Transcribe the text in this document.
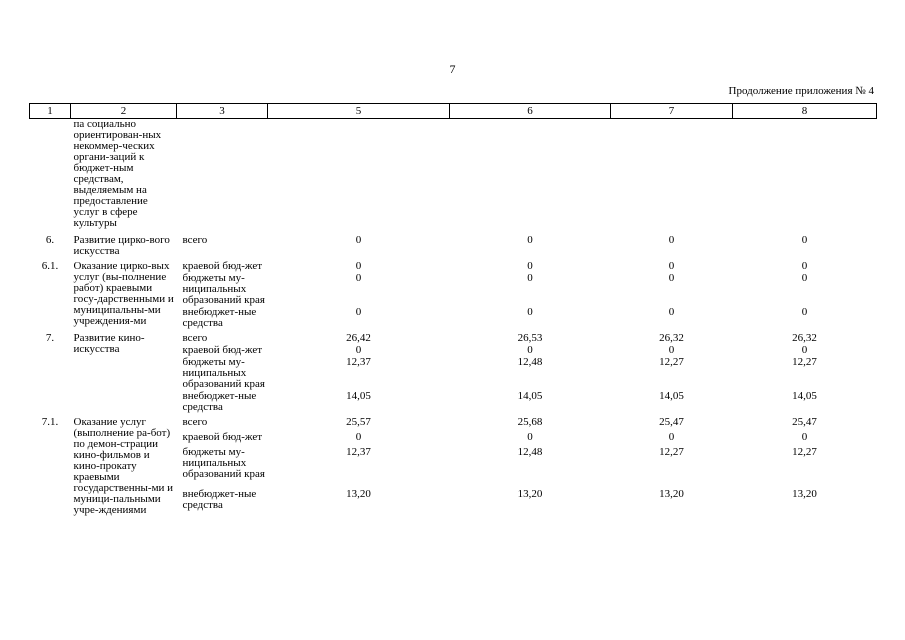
7
Продолжение приложения № 4
1	2	3	5	6	7	8
	па социально ориентирован-ных некоммер-ческих органи-заций к бюджет-ным средствам, выделяемым на предоставление услуг в сфере культуры					
6.	Развитие цирко-вого искусства	всего	0	0	0	0
6.1.	Оказание цирко-вых услуг (вы-полнение работ) краевыми госу-дарственными и муниципальны-ми учреждения-ми	краевой бюд-жет	0	0	0	0
		бюджеты му-ниципальных образований края	0	0	0	0
		внебюджет-ные средства	0	0	0	0
7.	Развитие кино-искусства	всего	26,42	26,53	26,32	26,32
		краевой бюд-жет	0	0	0	0
		бюджеты му-ниципальных образований края	12,37	12,48	12,27	12,27
		внебюджет-ные средства	14,05	14,05	14,05	14,05
7.1.	Оказание услуг (выполнение ра-бот) по демон-страции кино-фильмов и кино-прокату краевыми государственны-ми и муници-пальными учре-ждениями	всего	25,57	25,68	25,47	25,47
		краевой бюд-жет	0	0	0	0
		бюджеты му-ниципальных образований края	12,37	12,48	12,27	12,27
		внебюджет-ные средства	13,20	13,20	13,20	13,20
